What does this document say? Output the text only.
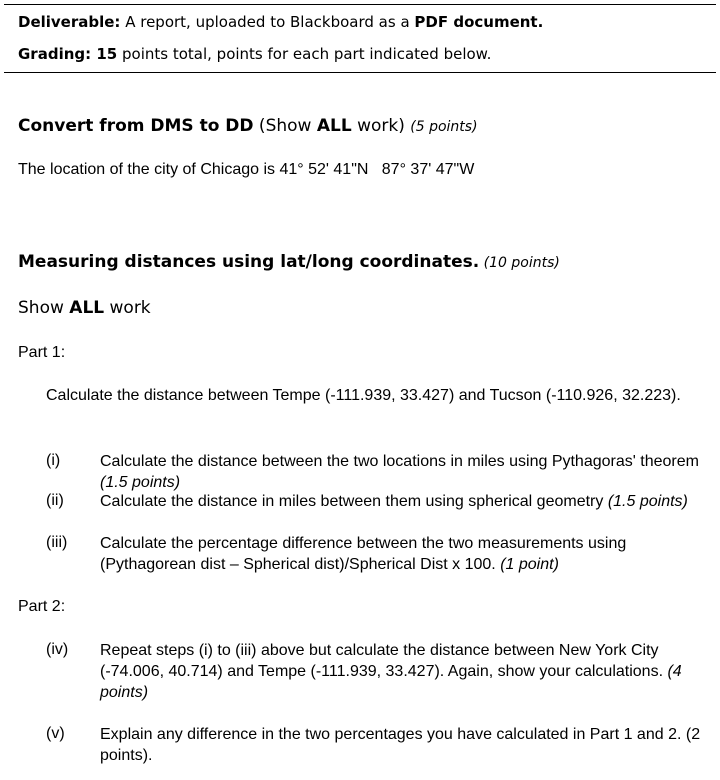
Deliverable: A report, uploaded to Blackboard as a PDF document.
Grading: 15 points total, points for each part indicated below.
Convert from DMS to DD (Show ALL work) (5 points)
The location of the city of Chicago is 41° 52' 41"N   87° 37' 47"W
Measuring distances using lat/long coordinates. (10 points)
Show ALL work
Part 1:
Calculate the distance between Tempe (-111.939, 33.427) and Tucson (-110.926, 32.223).
(i)	Calculate the distance between the two locations in miles using Pythagoras' theorem (1.5 points)
(ii)	Calculate the distance in miles between them using spherical geometry (1.5 points)
(iii)	Calculate the percentage difference between the two measurements using (Pythagorean dist – Spherical dist)/Spherical Dist x 100. (1 point)
Part 2:
(iv)	Repeat steps (i) to (iii) above but calculate the distance between New York City (-74.006, 40.714) and Tempe (-111.939, 33.427). Again, show your calculations. (4 points)
(v)	Explain any difference in the two percentages you have calculated in Part 1 and 2. (2 points).
